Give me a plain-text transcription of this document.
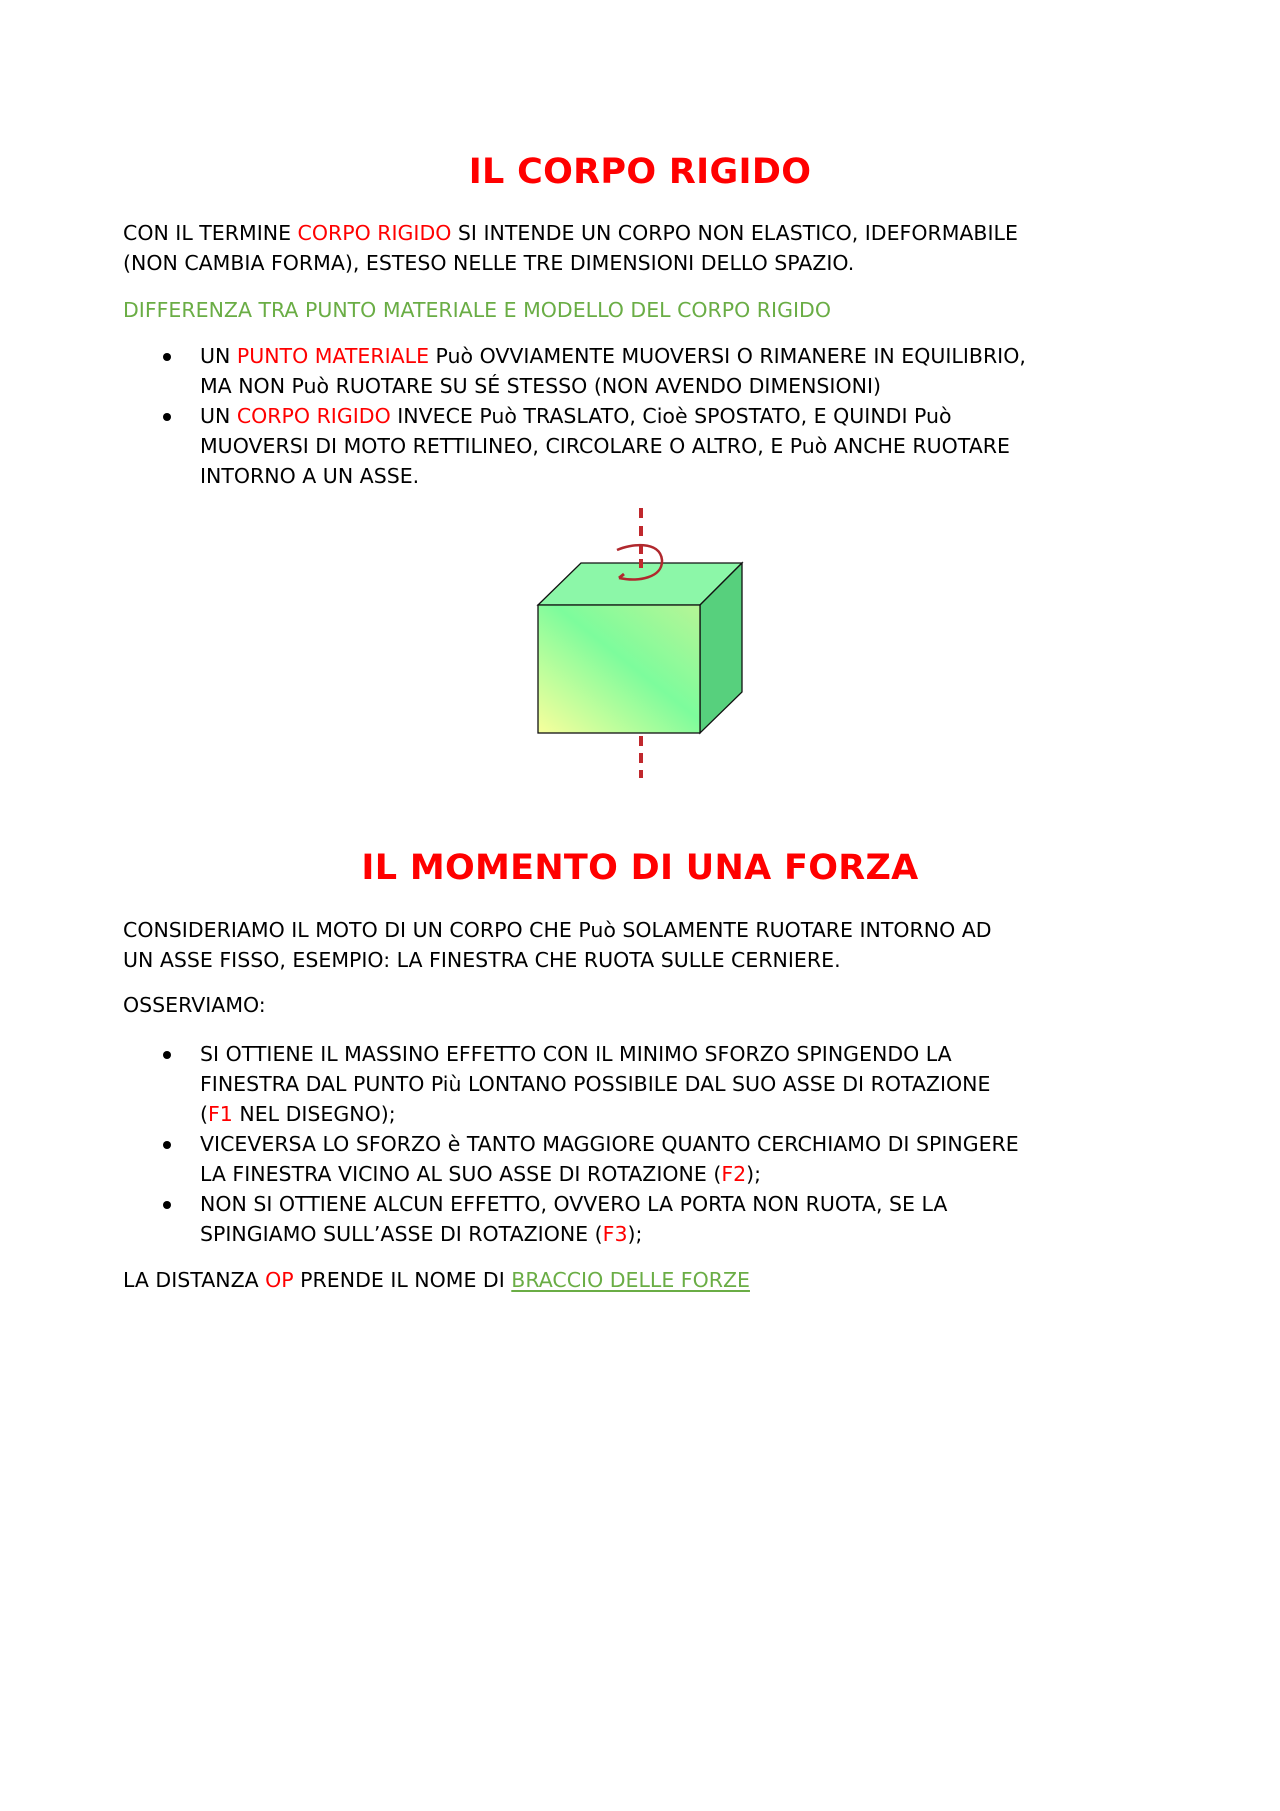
IL CORPO RIGIDO

CON IL TERMINE CORPO RIGIDO SI INTENDE UN CORPO NON ELASTICO, IDEFORMABILE
(NON CAMBIA FORMA), ESTESO NELLE TRE DIMENSIONI DELLO SPAZIO.

DIFFERENZA TRA PUNTO MATERIALE E MODELLO DEL CORPO RIGIDO

UN PUNTO MATERIALE Può OVVIAMENTE MUOVERSI O RIMANERE IN EQUILIBRIO,
MA NON Può RUOTARE SU SÉ STESSO (NON AVENDO DIMENSIONI)
UN CORPO RIGIDO INVECE Può TRASLATO, Cioè SPOSTATO, E QUINDI Può
MUOVERSI DI MOTO RETTILINEO, CIRCOLARE O ALTRO, E Può ANCHE RUOTARE
INTORNO A UN ASSE.
IL MOMENTO DI UNA FORZA

CONSIDERIAMO IL MOTO DI UN CORPO CHE Può SOLAMENTE RUOTARE INTORNO AD
UN ASSE FISSO, ESEMPIO: LA FINESTRA CHE RUOTA SULLE CERNIERE.

OSSERVIAMO:

SI OTTIENE IL MASSINO EFFETTO CON IL MINIMO SFORZO SPINGENDO LA
FINESTRA DAL PUNTO Più LONTANO POSSIBILE DAL SUO ASSE DI ROTAZIONE
(F1 NEL DISEGNO);
VICEVERSA LO SFORZO è TANTO MAGGIORE QUANTO CERCHIAMO DI SPINGERE
LA FINESTRA VICINO AL SUO ASSE DI ROTAZIONE (F2);
NON SI OTTIENE ALCUN EFFETTO, OVVERO LA PORTA NON RUOTA, SE LA
SPINGIAMO SULL’ASSE DI ROTAZIONE (F3);

LA DISTANZA OP PRENDE IL NOME DI BRACCIO DELLE FORZE
